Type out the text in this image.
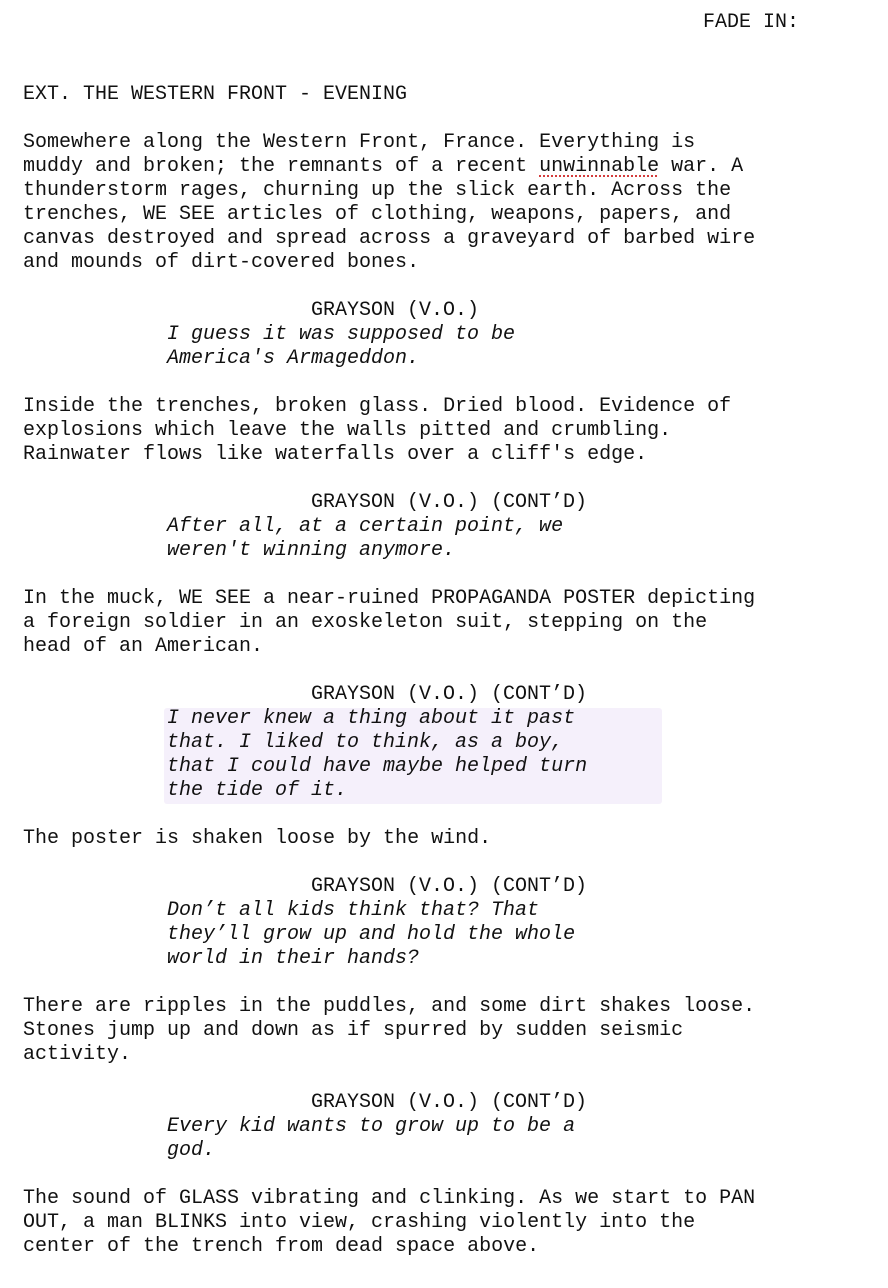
FADE IN:
EXT. THE WESTERN FRONT - EVENING
Somewhere along the Western Front, France. Everything is
muddy and broken; the remnants of a recent unwinnable war. A
thunderstorm rages, churning up the slick earth. Across the
trenches, WE SEE articles of clothing, weapons, papers, and
canvas destroyed and spread across a graveyard of barbed wire
and mounds of dirt-covered bones.
GRAYSON (V.O.)
I guess it was supposed to be
America's Armageddon.
Inside the trenches, broken glass. Dried blood. Evidence of
explosions which leave the walls pitted and crumbling.
Rainwater flows like waterfalls over a cliff's edge.
GRAYSON (V.O.) (CONT’D)
After all, at a certain point, we
weren't winning anymore.
In the muck, WE SEE a near-ruined PROPAGANDA POSTER depicting
a foreign soldier in an exoskeleton suit, stepping on the
head of an American.
GRAYSON (V.O.) (CONT’D)
I never knew a thing about it past
that. I liked to think, as a boy,
that I could have maybe helped turn
the tide of it.
The poster is shaken loose by the wind.
GRAYSON (V.O.) (CONT’D)
Don’t all kids think that? That
they’ll grow up and hold the whole
world in their hands?
There are ripples in the puddles, and some dirt shakes loose.
Stones jump up and down as if spurred by sudden seismic
activity.
GRAYSON (V.O.) (CONT’D)
Every kid wants to grow up to be a
god.
The sound of GLASS vibrating and clinking. As we start to PAN
OUT, a man BLINKS into view, crashing violently into the
center of the trench from dead space above.
